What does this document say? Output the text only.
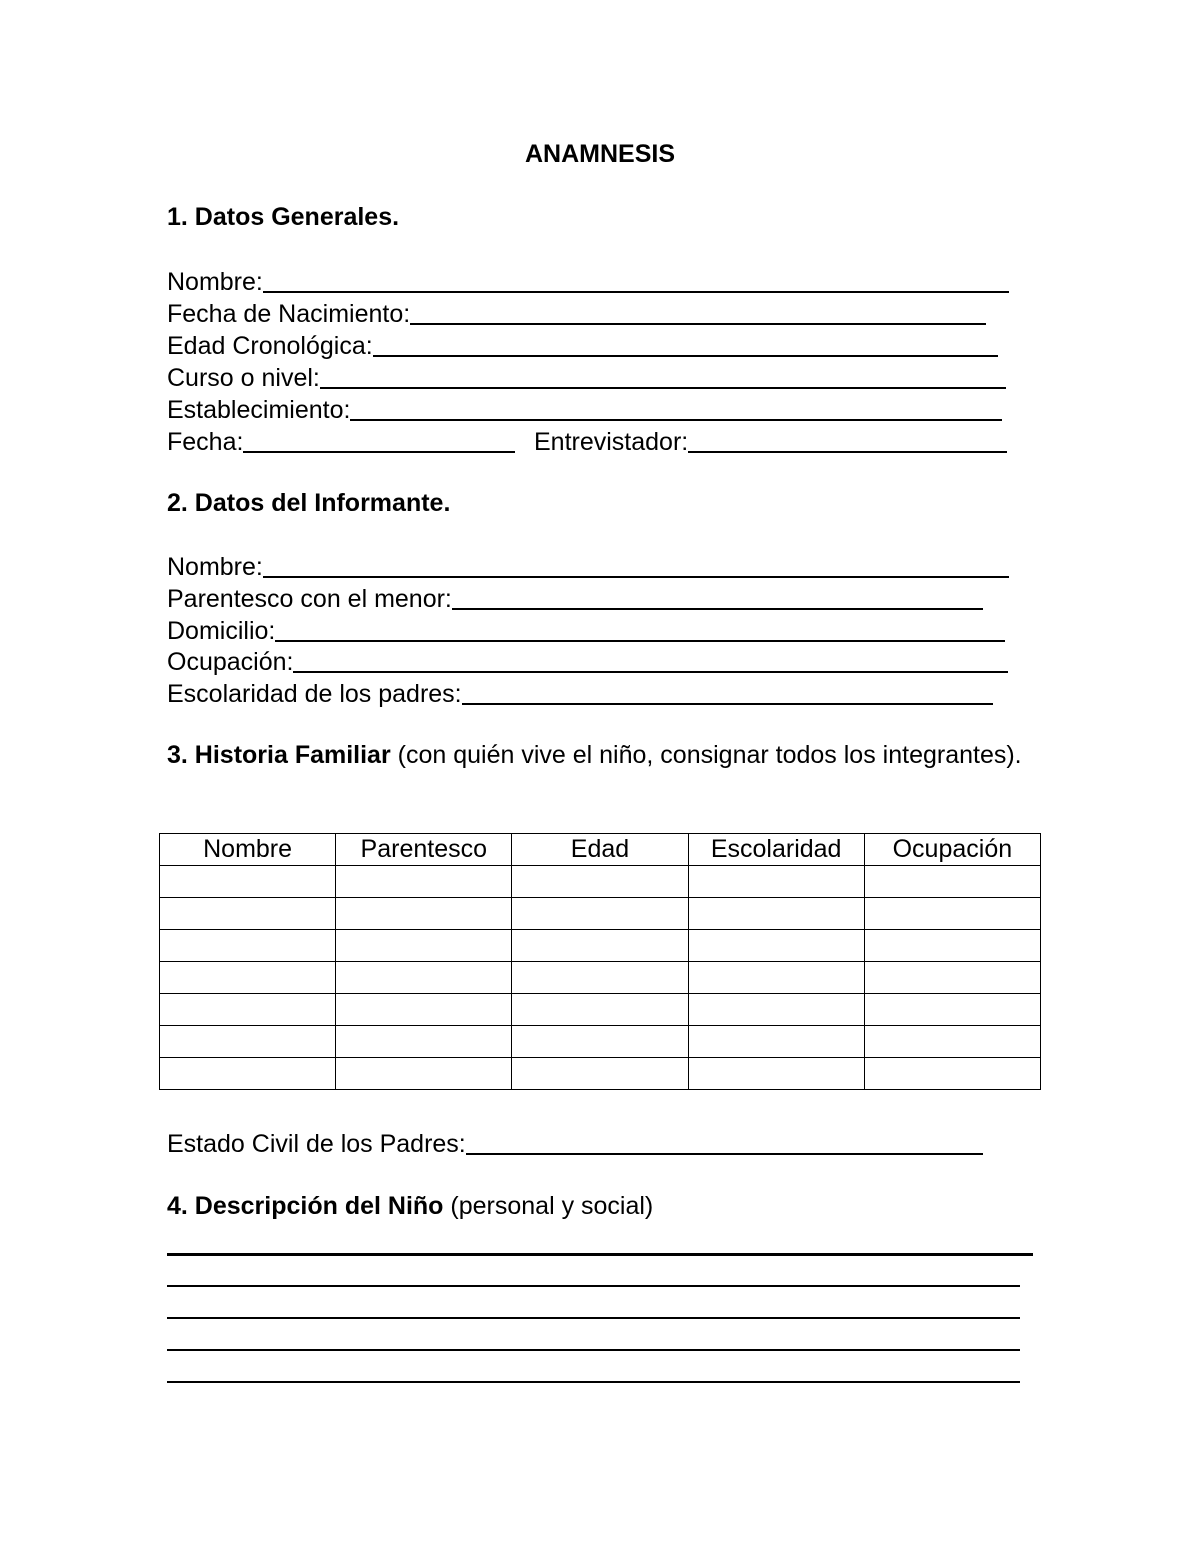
ANAMNESIS
1. Datos Generales.
Nombre:
Fecha de Nacimiento:
Edad Cronológica:
Curso o nivel:
Establecimiento:
Fecha:	Entrevistador:
2. Datos del Informante.
Nombre:
Parentesco con el menor:
Domicilio:
Ocupación:
Escolaridad de los padres:
3. Historia Familiar (con quién vive el niño, consignar todos los integrantes).
Nombre	Parentesco	Edad	Escolaridad	Ocupación

Estado Civil de los Padres:
4. Descripción del Niño (personal y social)
